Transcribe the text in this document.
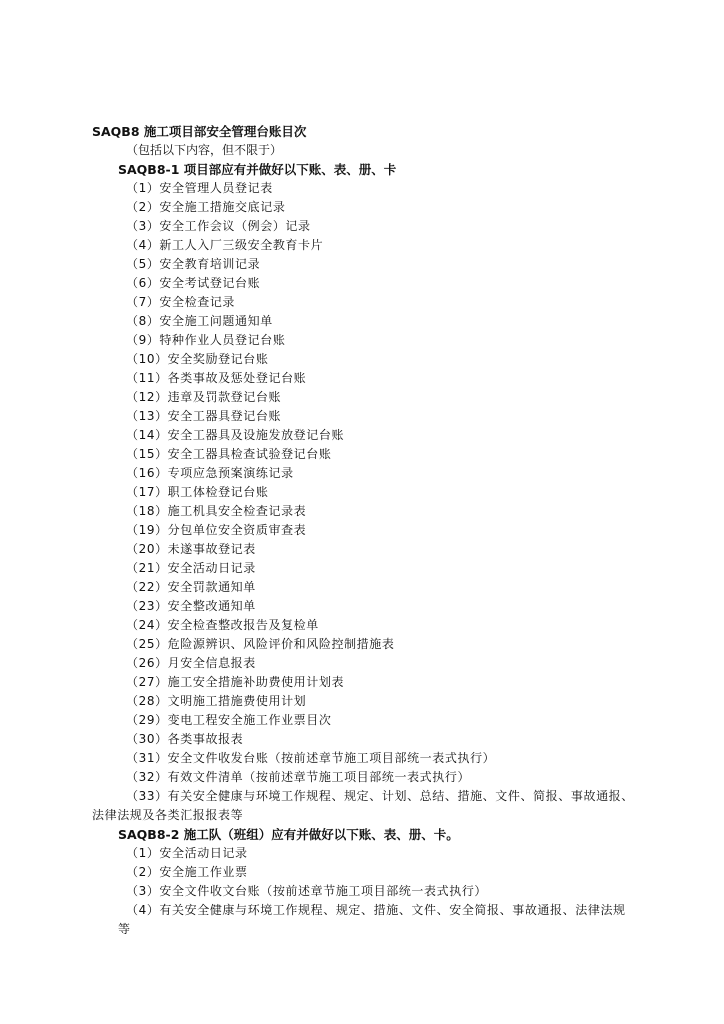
SAQB8 施工项目部安全管理台账目次
（包括以下内容，但不限于）
SAQB8-1 项目部应有并做好以下账、表、册、卡
（1）安全管理人员登记表
（2）安全施工措施交底记录
（3）安全工作会议（例会）记录
（4）新工人入厂三级安全教育卡片
（5）安全教育培训记录
（6）安全考试登记台账
（7）安全检查记录
（8）安全施工问题通知单
（9）特种作业人员登记台账
（10）安全奖励登记台账
（11）各类事故及惩处登记台账
（12）违章及罚款登记台账
（13）安全工器具登记台账
（14）安全工器具及设施发放登记台账
（15）安全工器具检查试验登记台账
（16）专项应急预案演练记录
（17）职工体检登记台账
（18）施工机具安全检查记录表
（19）分包单位安全资质审查表
（20）未遂事故登记表
（21）安全活动日记录
（22）安全罚款通知单
（23）安全整改通知单
（24）安全检查整改报告及复检单
（25）危险源辨识、风险评价和风险控制措施表
（26）月安全信息报表
（27）施工安全措施补助费使用计划表
（28）文明施工措施费使用计划
（29）变电工程安全施工作业票目次
（30）各类事故报表
（31）安全文件收发台账（按前述章节施工项目部统一表式执行）
（32）有效文件清单（按前述章节施工项目部统一表式执行）
（33）有关安全健康与环境工作规程、规定、计划、总结、措施、文件、简报、事故通报、
法律法规及各类汇报报表等
SAQB8-2 施工队（班组）应有并做好以下账、表、册、卡。
（1）安全活动日记录
（2）安全施工作业票
（3）安全文件收文台账（按前述章节施工项目部统一表式执行）
（4）有关安全健康与环境工作规程、规定、措施、文件、安全简报、事故通报、法律法规
等
